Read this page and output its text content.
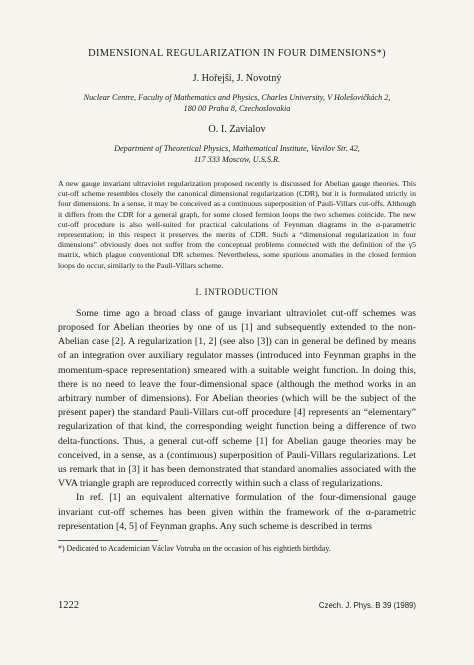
DIMENSIONAL REGULARIZATION IN FOUR DIMENSIONS*)
J. Hořejší, J. Novotný
Nuclear Centre, Faculty of Mathematics and Physics, Charles University, V Holešovičkách 2,
180 00 Praha 8, Czechoslovakia
O. I. Zavialov
Department of Theoretical Physics, Mathematical Institute, Vavilov Str. 42,
117 333 Moscow, U.S.S.R.

A new gauge invariant ultraviolet regularization proposed recently is discussed for Abelian gauge theories. This cut-off scheme resembles closely the canonical dimensional regularization (CDR), but it is formulated strictly in four dimensions. In a sense, it may be conceived as a continuous superposition of Pauli-Villars cut-offs. Although it differs from the CDR for a general graph, for some closed fermion loops the two schemes coincide. The new cut-off procedure is also well-suited for practical calculations of Feynman diagrams in the α-parametric representation; in this respect it preserves the merits of CDR. Such a “dimensional regularization in four dimensions” obviously does not suffer from the conceptual problems connected with the definition of the γ5 matrix, which plague conventional DR schemes. Nevertheless, some spurious anomalies in the closed fermion loops do occur, similarly to the Pauli-Villars scheme.

I. INTRODUCTION

Some time ago a broad class of gauge invariant ultraviolet cut-off schemes was proposed for Abelian theories by one of us [1] and subsequently extended to the non-Abelian case [2]. A regularization [1, 2] (see also [3]) can in general be defined by means of an integration over auxiliary regulator masses (introduced into Feynman graphs in the momentum-space representation) smeared with a suitable weight function. In doing this, there is no need to leave the four-dimensional space (although the method works in an arbitrary number of dimensions). For Abelian theories (which will be the subject of the present paper) the standard Pauli-Villars cut-off procedure [4] represents an “elementary” regularization of that kind, the corresponding weight function being a difference of two delta-functions. Thus, a general cut-off scheme [1] for Abelian gauge theories may be conceived, in a sense, as a (continuous) superposition of Pauli-Villars regularizations. Let us remark that in [3] it has been demonstrated that standard anomalies associated with the VVA triangle graph are reproduced correctly within such a class of regularizations.

In ref. [1] an equivalent alternative formulation of the four-dimensional gauge invariant cut-off schemes has been given within the framework of the α-parametric representation [4, 5] of Feynman graphs. Any such scheme is described in terms

*) Dedicated to Academician Václav Votruba on the occasion of his eightieth birthday.

1222	Czech. J. Phys. B 39 (1989)
